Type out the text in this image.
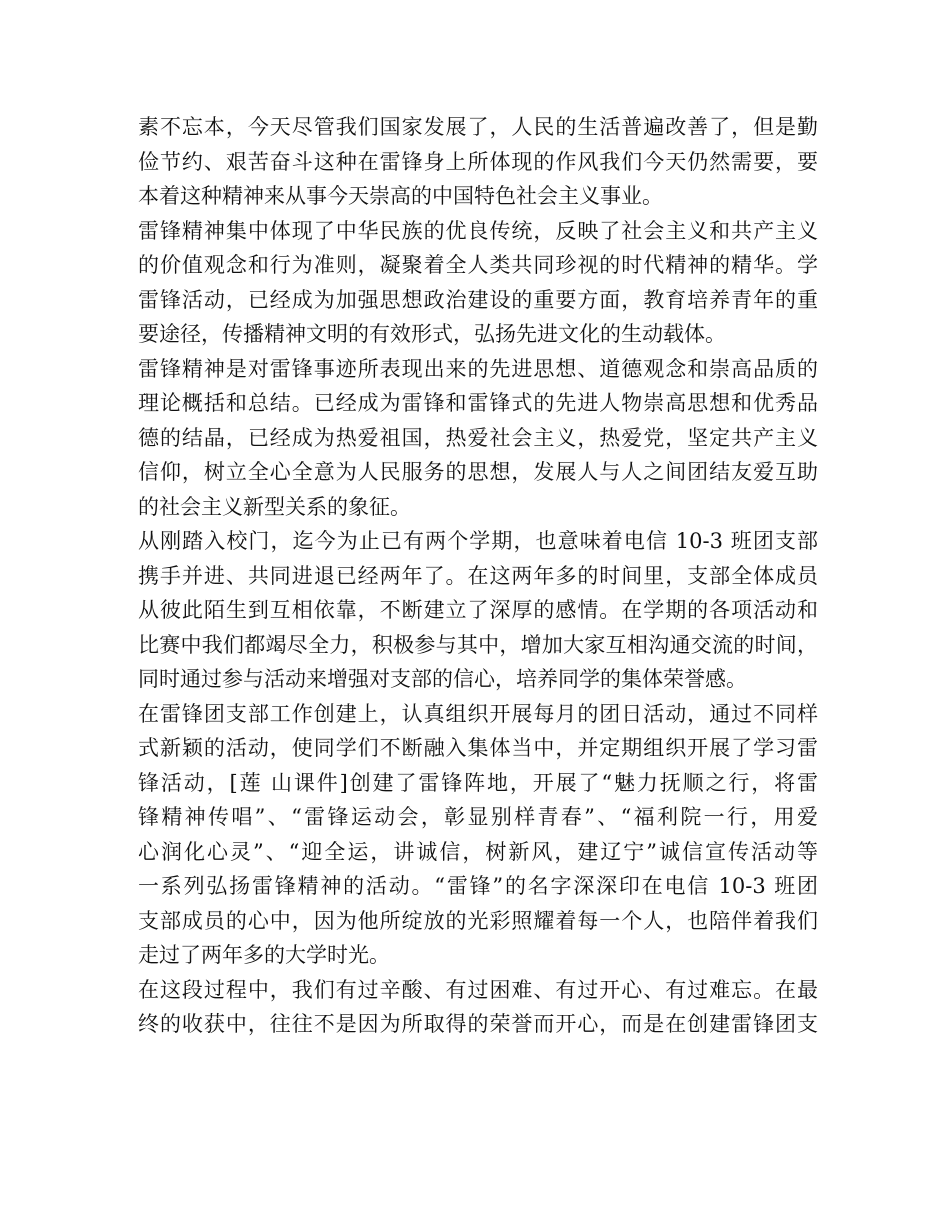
素不忘本，今天尽管我们国家发展了，人民的生活普遍改善了，但是勤
俭节约、艰苦奋斗这种在雷锋身上所体现的作风我们今天仍然需要，要
本着这种精神来从事今天崇高的中国特色社会主义事业。
雷锋精神集中体现了中华民族的优良传统，反映了社会主义和共产主义
的价值观念和行为准则，凝聚着全人类共同珍视的时代精神的精华。学
雷锋活动，已经成为加强思想政治建设的重要方面，教育培养青年的重
要途径，传播精神文明的有效形式，弘扬先进文化的生动载体。
雷锋精神是对雷锋事迹所表现出来的先进思想、道德观念和崇高品质的
理论概括和总结。已经成为雷锋和雷锋式的先进人物崇高思想和优秀品
德的结晶，已经成为热爱祖国，热爱社会主义，热爱党，坚定共产主义
信仰，树立全心全意为人民服务的思想，发展人与人之间团结友爱互助
的社会主义新型关系的象征。
从刚踏入校门，迄今为止已有两个学期，也意味着电信 10-3 班团支部
携手并进、共同进退已经两年了。在这两年多的时间里，支部全体成员
从彼此陌生到互相依靠，不断建立了深厚的感情。在学期的各项活动和
比赛中我们都竭尽全力，积极参与其中，增加大家互相沟通交流的时间，
同时通过参与活动来增强对支部的信心，培养同学的集体荣誉感。
在雷锋团支部工作创建上，认真组织开展每月的团日活动，通过不同样
式新颖的活动，使同学们不断融入集体当中，并定期组织开展了学习雷
锋活动，[莲 山课件]创建了雷锋阵地，开展了“魅力抚顺之行，将雷
锋精神传唱”、“雷锋运动会，彰显别样青春”、“福利院一行，用爱
心润化心灵”、“迎全运，讲诚信，树新风，建辽宁”诚信宣传活动等
一系列弘扬雷锋精神的活动。“雷锋”的名字深深印在电信 10-3 班团
支部成员的心中，因为他所绽放的光彩照耀着每一个人，也陪伴着我们
走过了两年多的大学时光。
在这段过程中，我们有过辛酸、有过困难、有过开心、有过难忘。在最
终的收获中，往往不是因为所取得的荣誉而开心，而是在创建雷锋团支
